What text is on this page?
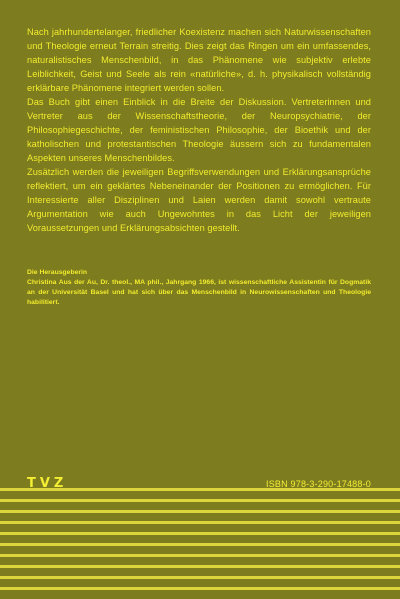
Nach jahrhundertelanger, friedlicher Koexistenz machen sich Naturwissenschaften und Theologie erneut Terrain streitig. Dies zeigt das Ringen um ein umfassendes, naturalistisches Menschenbild, in das Phänomene wie subjektiv erlebte Leiblichkeit, Geist und Seele als rein «natürliche», d. h. physikalisch vollständig erklärbare Phänomene integriert werden sollen.

Das Buch gibt einen Einblick in die Breite der Diskussion. Vertreterinnen und Vertreter aus der Wissenschaftstheorie, der Neuropsychiatrie, der Philosophiegeschichte, der feministischen Philosophie, der Bioethik und der katholischen und protestantischen Theologie äussern sich zu fundamentalen Aspekten unseres Menschenbildes.

Zusätzlich werden die jeweiligen Begriffsverwendungen und Erklärungsansprüche reflektiert, um ein geklärtes Nebeneinander der Positionen zu ermöglichen. Für Interessierte aller Disziplinen und Laien werden damit sowohl vertraute Argumentation wie auch Ungewohntes in das Licht der jeweiligen Voraussetzungen und Erklärungsabsichten gestellt.

Die Herausgeberin

Christina Aus der Au, Dr. theol., MA phil., Jahrgang 1966, ist wissenschaftliche Assistentin für Dogmatik an der Universität Basel und hat sich über das Menschenbild in Neurowissenschaften und Theologie habilitiert.

TVZ	ISBN 978-3-290-17488-0
